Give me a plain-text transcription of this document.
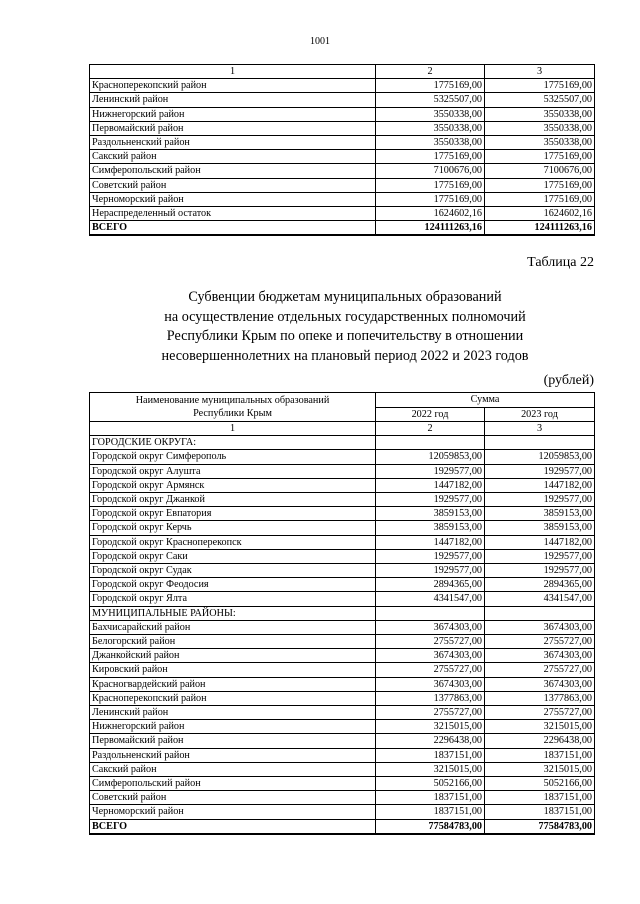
1001
1	2	3
Красноперекопский район	1775169,00	1775169,00
Ленинский район	5325507,00	5325507,00
Нижнегорский район	3550338,00	3550338,00
Первомайский район	3550338,00	3550338,00
Раздольненский район	3550338,00	3550338,00
Сакский район	1775169,00	1775169,00
Симферопольский район	7100676,00	7100676,00
Советский район	1775169,00	1775169,00
Черноморский район	1775169,00	1775169,00
Нераспределенный остаток	1624602,16	1624602,16
ВСЕГО	124111263,16	124111263,16
Таблица 22
Субвенции бюджетам муниципальных образований
на осуществление отдельных государственных полномочий
Республики Крым по опеке и попечительству в отношении
несовершеннолетних на плановый период 2022 и 2023 годов
(рублей)
Наименование муниципальных образований
Республики Крым	Сумма	
	2022 год	2023 год
1	2	3
ГОРОДСКИЕ ОКРУГА:		
Городской округ Симферополь	12059853,00	12059853,00
Городской округ Алушта	1929577,00	1929577,00
Городской округ Армянск	1447182,00	1447182,00
Городской округ Джанкой	1929577,00	1929577,00
Городской округ Евпатория	3859153,00	3859153,00
Городской округ Керчь	3859153,00	3859153,00
Городской округ Красноперекопск	1447182,00	1447182,00
Городской округ Саки	1929577,00	1929577,00
Городской округ Судак	1929577,00	1929577,00
Городской округ Феодосия	2894365,00	2894365,00
Городской округ Ялта	4341547,00	4341547,00
МУНИЦИПАЛЬНЫЕ РАЙОНЫ:		
Бахчисарайский район	3674303,00	3674303,00
Белогорский район	2755727,00	2755727,00
Джанкойский район	3674303,00	3674303,00
Кировский район	2755727,00	2755727,00
Красногвардейский район	3674303,00	3674303,00
Красноперекопский район	1377863,00	1377863,00
Ленинский район	2755727,00	2755727,00
Нижнегорский район	3215015,00	3215015,00
Первомайский район	2296438,00	2296438,00
Раздольненский район	1837151,00	1837151,00
Сакский район	3215015,00	3215015,00
Симферопольский район	5052166,00	5052166,00
Советский район	1837151,00	1837151,00
Черноморский район	1837151,00	1837151,00
ВСЕГО	77584783,00	77584783,00
